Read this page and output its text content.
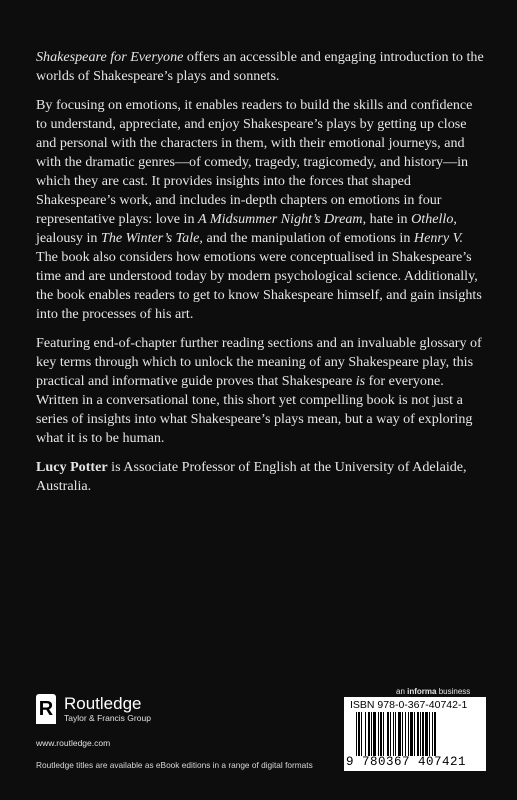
Shakespeare for Everyone offers an accessible and engaging introduction to the worlds of Shakespeare’s plays and sonnets.

By focusing on emotions, it enables readers to build the skills and confidence to understand, appreciate, and enjoy Shakespeare’s plays by getting up close and personal with the characters in them, with their emotional journeys, and with the dramatic genres—of comedy, tragedy, tragicomedy, and history—in which they are cast. It provides insights into the forces that shaped Shakespeare’s work, and includes in-depth chapters on emotions in four representative plays: love in A Midsummer Night’s Dream, hate in Othello, jealousy in The Winter’s Tale, and the manipulation of emotions in Henry V. The book also considers how emotions were conceptualised in Shakespeare’s time and are understood today by modern psychological science. Additionally, the book enables readers to get to know Shakespeare himself, and gain insights into the processes of his art.

Featuring end-of-chapter further reading sections and an invaluable glossary of key terms through which to unlock the meaning of any Shakespeare play, this practical and informative guide proves that Shakespeare is for everyone. Written in a conversational tone, this short yet compelling book is not just a series of insights into what Shakespeare’s plays mean, but a way of exploring what it is to be human.

Lucy Potter is Associate Professor of English at the University of Adelaide, Australia.

R Routledge
Taylor & Francis Group
www.routledge.com
Routledge titles are available as eBook editions in a range of digital formats
an informa business
ISBN 978-0-367-40742-1
9 780367 407421
